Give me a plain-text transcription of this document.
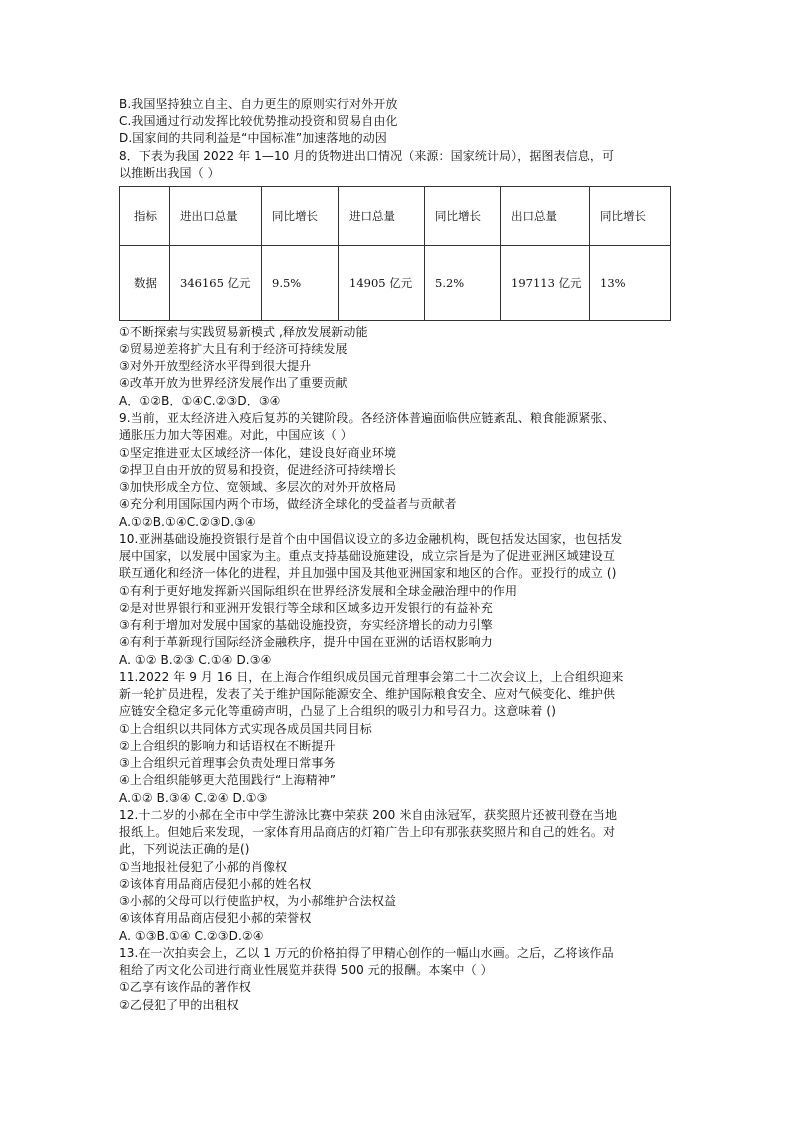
B.我国坚持独立自主、自力更生的原则实行对外开放
C.我国通过行动发挥比较优势推动投资和贸易自由化
D.国家间的共同利益是“中国标准”加速落地的动因
8．下表为我国 2022 年 1—10 月的货物进出口情况（来源：国家统计局），据图表信息，可
以推断出我国（ ）
指标	进出口总量	同比增长	进口总量	同比增长	出口总量	同比增长
数据	346165 亿元	9.5%	14905 亿元	5.2%	197113 亿元	13%
①不断探索与实践贸易新模式 ,释放发展新动能
②贸易逆差将扩大且有利于经济可持续发展
③对外开放型经济水平得到很大提升
④改革开放为世界经济发展作出了重要贡献
A．①②B．①④C.②③D．③④
9.当前，亚太经济进入疫后复苏的关键阶段。各经济体普遍面临供应链紊乱、粮食能源紧张、
通胀压力加大等困难。对此，中国应该（ ）
①坚定推进亚太区域经济一体化，建设良好商业环境
②捍卫自由开放的贸易和投资，促进经济可持续增长
③加快形成全方位、宽领域、多层次的对外开放格局
④充分利用国际国内两个市场，做经济全球化的受益者与贡献者
A.①②B.①④C.②③D.③④
10.亚洲基础设施投资银行是首个由中国倡议设立的多边金融机构，既包括发达国家，也包括发
展中国家，以发展中国家为主。重点支持基础设施建设，成立宗旨是为了促进亚洲区域建设互
联互通化和经济一体化的进程，并且加强中国及其他亚洲国家和地区的合作。亚投行的成立 ()
①有利于更好地发挥新兴国际组织在世界经济发展和全球金融治理中的作用
②是对世界银行和亚洲开发银行等全球和区域多边开发银行的有益补充
③有利于增加对发展中国家的基础设施投资，夯实经济增长的动力引擎
④有利于革新现行国际经济金融秩序，提升中国在亚洲的话语权影响力
A. ①② B.②③ C.①④ D.③④
11.2022 年 9 月 16 日，在上海合作组织成员国元首理事会第二十二次会议上，上合组织迎来
新一轮扩员进程，发表了关于维护国际能源安全、维护国际粮食安全、应对气候变化、维护供
应链安全稳定多元化等重磅声明，凸显了上合组织的吸引力和号召力。这意味着 ()
①上合组织以共同体方式实现各成员国共同目标
②上合组织的影响力和话语权在不断提升
③上合组织元首理事会负责处理日常事务
④上合组织能够更大范围践行“上海精神”
A.①② B.③④ C.②④ D.①③
12.十二岁的小郝在全市中学生游泳比赛中荣获 200 米自由泳冠军，获奖照片还被刊登在当地
报纸上。但她后来发现，一家体育用品商店的灯箱广告上印有那张获奖照片和自己的姓名。对
此，下列说法正确的是()
①当地报社侵犯了小郝的肖像权
②该体育用品商店侵犯小郝的姓名权
③小郝的父母可以行使监护权，为小郝维护合法权益
④该体育用品商店侵犯小郝的荣誉权
A. ①③B.①④ C.②③D.②④
13.在一次拍卖会上，乙以 1 万元的价格拍得了甲精心创作的一幅山水画。之后，乙将该作品
租给了丙文化公司进行商业性展览并获得 500 元的报酬。本案中（ ）
①乙享有该作品的著作权
②乙侵犯了甲的出租权
